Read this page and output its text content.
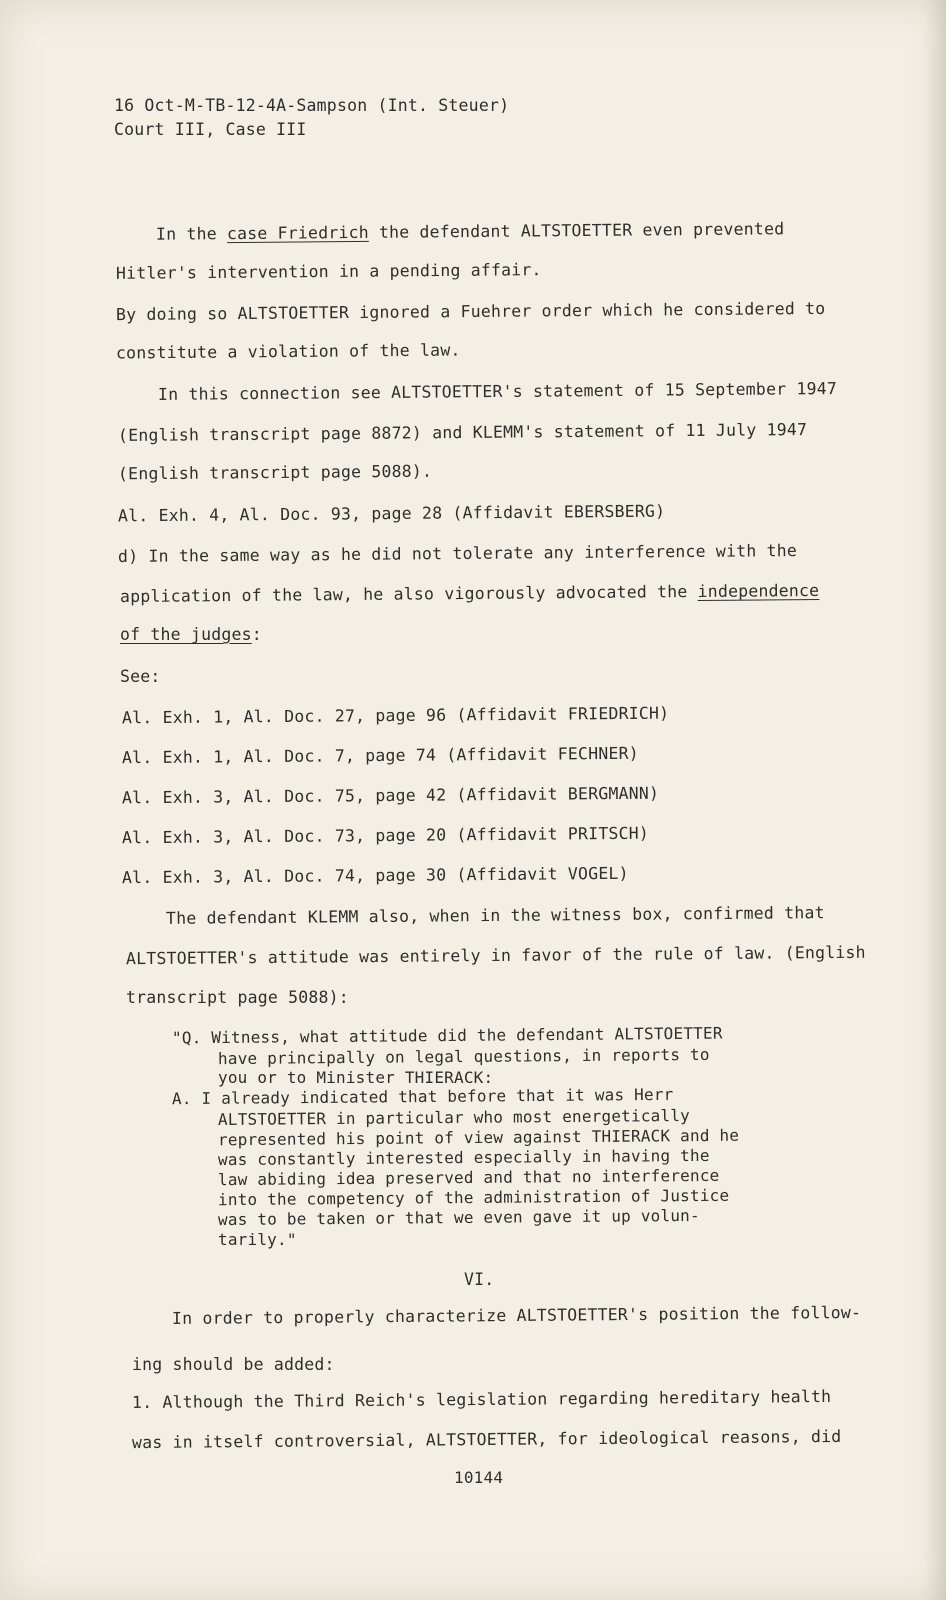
16 Oct-M-TB-12-4A-Sampson (Int. Steuer)
Court III, Case III
In the case Friedrich the defendant ALTSTOETTER even prevented
Hitler's intervention in a pending affair.
By doing so ALTSTOETTER ignored a Fuehrer order which he considered to
constitute a violation of the law.
In this connection see ALTSTOETTER's statement of 15 September 1947
(English transcript page 8872) and KLEMM's statement of 11 July 1947
(English transcript page 5088).
Al. Exh. 4, Al. Doc. 93, page 28 (Affidavit EBERSBERG)
d) In the same way as he did not tolerate any interference with the
application of the law, he also vigorously advocated the independence
of the judges:
See:
Al. Exh. 1, Al. Doc. 27, page 96 (Affidavit FRIEDRICH)
Al. Exh. 1, Al. Doc. 7, page 74 (Affidavit FECHNER)
Al. Exh. 3, Al. Doc. 75, page 42 (Affidavit BERGMANN)
Al. Exh. 3, Al. Doc. 73, page 20 (Affidavit PRITSCH)
Al. Exh. 3, Al. Doc. 74, page 30 (Affidavit VOGEL)
The defendant KLEMM also, when in the witness box, confirmed that
ALTSTOETTER's attitude was entirely in favor of the rule of law. (English
transcript page 5088):
"Q. Witness, what attitude did the defendant ALTSTOETTER
have principally on legal questions, in reports to
you or to Minister THIERACK:
A. I already indicated that before that it was Herr
ALTSTOETTER in particular who most energetically
represented his point of view against THIERACK and he
was constantly interested especially in having the
law abiding idea preserved and that no interference
into the competency of the administration of Justice
was to be taken or that we even gave it up volun-
tarily."
VI.
In order to properly characterize ALTSTOETTER's position the follow-
ing should be added:
1. Although the Third Reich's legislation regarding hereditary health
was in itself controversial, ALTSTOETTER, for ideological reasons, did
10144
